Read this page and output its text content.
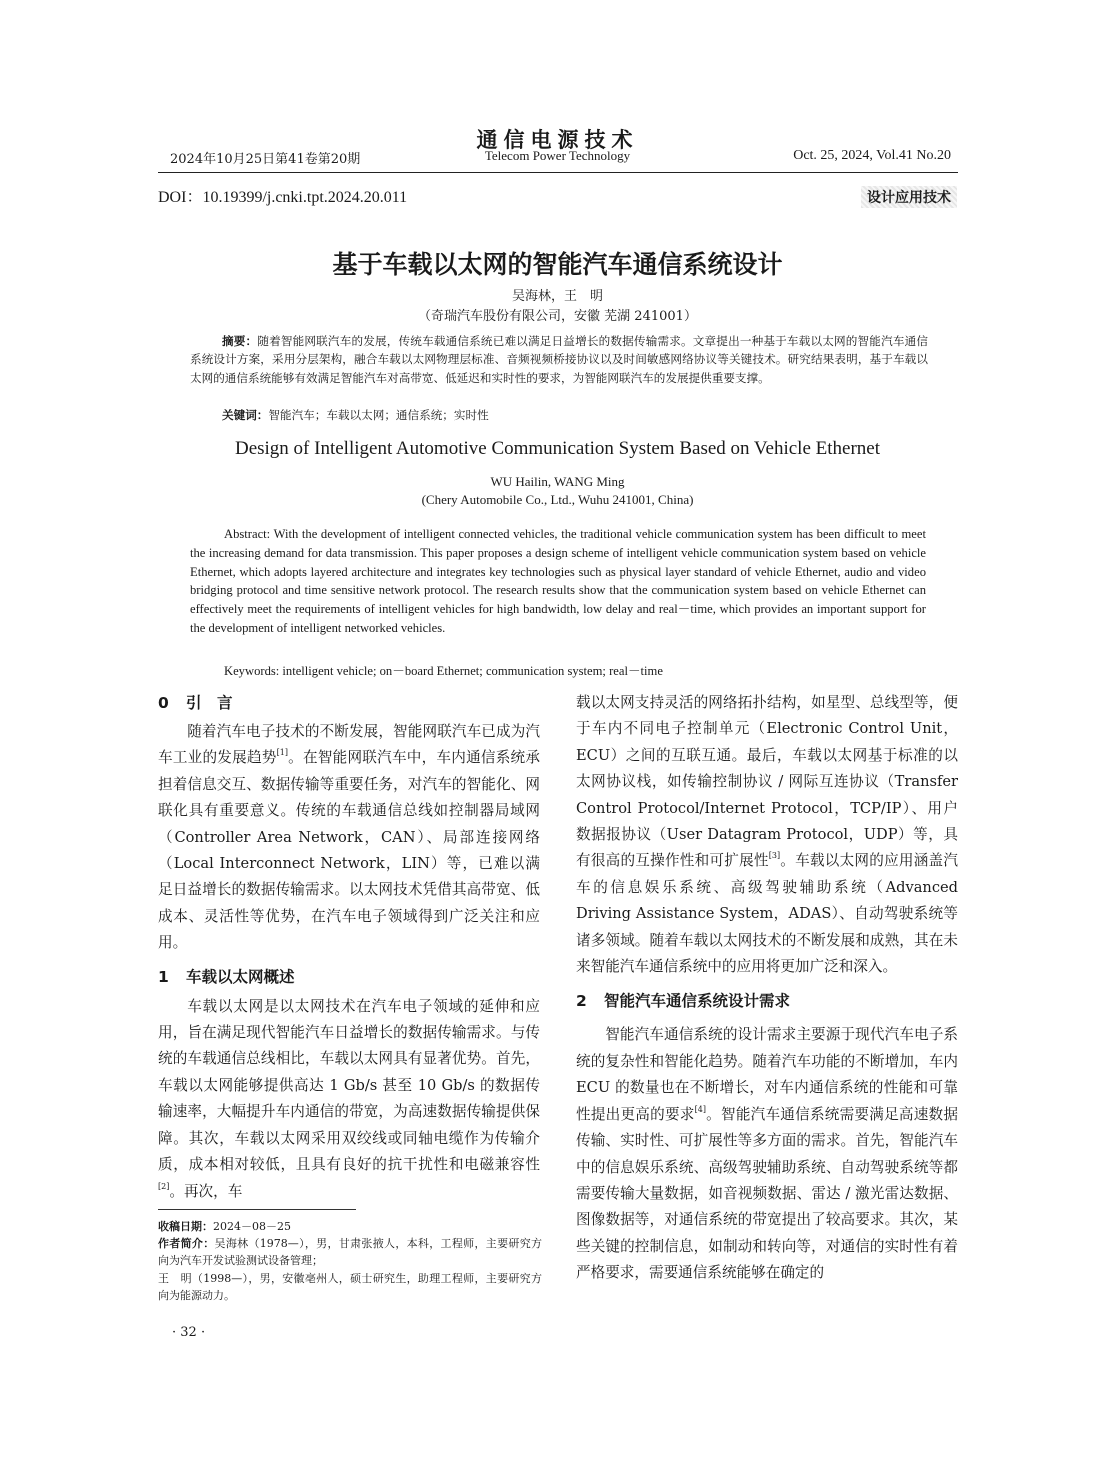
通信电源技术
2024年10月25日第41卷第20期	Telecom Power Technology	Oct. 25, 2024, Vol.41 No.20
DOI：10.19399/j.cnki.tpt.2024.20.011	设计应用技术
基于车载以太网的智能汽车通信系统设计
吴海林，王　明
（奇瑞汽车股份有限公司，安徽 芜湖 241001）
摘要：随着智能网联汽车的发展，传统车载通信系统已难以满足日益增长的数据传输需求。文章提出一种基于车载以太网的智能汽车通信系统设计方案，采用分层架构，融合车载以太网物理层标准、音频视频桥接协议以及时间敏感网络协议等关键技术。研究结果表明，基于车载以太网的通信系统能够有效满足智能汽车对高带宽、低延迟和实时性的要求，为智能网联汽车的发展提供重要支撑。
关键词：智能汽车；车载以太网；通信系统；实时性
Design of Intelligent Automotive Communication System Based on Vehicle Ethernet
WU Hailin, WANG Ming
(Chery Automobile Co., Ltd., Wuhu 241001, China)
Abstract: With the development of intelligent connected vehicles, the traditional vehicle communication system has been difficult to meet the increasing demand for data transmission. This paper proposes a design scheme of intelligent vehicle communication system based on vehicle Ethernet, which adopts layered architecture and integrates key technologies such as physical layer standard of vehicle Ethernet, audio and video bridging protocol and time sensitive network protocol. The research results show that the communication system based on vehicle Ethernet can effectively meet the requirements of intelligent vehicles for high bandwidth, low delay and real－time, which provides an important support for the development of intelligent networked vehicles.
Keywords: intelligent vehicle; on－board Ethernet; communication system; real－time
0 引　言

随着汽车电子技术的不断发展，智能网联汽车已成为汽车工业的发展趋势[1]。在智能网联汽车中，车内通信系统承担着信息交互、数据传输等重要任务，对汽车的智能化、网联化具有重要意义。传统的车载通信总线如控制器局域网（Controller Area Network，CAN）、局部连接网络（Local Interconnect Network，LIN）等，已难以满足日益增长的数据传输需求。以太网技术凭借其高带宽、低成本、灵活性等优势，在汽车电子领域得到广泛关注和应用。

1 车载以太网概述

车载以太网是以太网技术在汽车电子领域的延伸和应用，旨在满足现代智能汽车日益增长的数据传输需求。与传统的车载通信总线相比，车载以太网具有显著优势。首先，车载以太网能够提供高达 1 Gb/s 甚至 10 Gb/s 的数据传输速率，大幅提升车内通信的带宽，为高速数据传输提供保障。其次，车载以太网采用双绞线或同轴电缆作为传输介质，成本相对较低，且具有良好的抗干扰性和电磁兼容性[2]。再次，车

载以太网支持灵活的网络拓扑结构，如星型、总线型等，便于车内不同电子控制单元（Electronic Control Unit，ECU）之间的互联互通。最后，车载以太网基于标准的以太网协议栈，如传输控制协议 / 网际互连协议（Transfer Control Protocol/Internet Protocol，TCP/IP）、用户数据报协议（User Datagram Protocol，UDP）等，具有很高的互操作性和可扩展性[3]。车载以太网的应用涵盖汽车的信息娱乐系统、高级驾驶辅助系统（Advanced Driving Assistance System，ADAS）、自动驾驶系统等诸多领域。随着车载以太网技术的不断发展和成熟，其在未来智能汽车通信系统中的应用将更加广泛和深入。

2 智能汽车通信系统设计需求

智能汽车通信系统的设计需求主要源于现代汽车电子系统的复杂性和智能化趋势。随着汽车功能的不断增加，车内 ECU 的数量也在不断增长，对车内通信系统的性能和可靠性提出更高的要求[4]。智能汽车通信系统需要满足高速数据传输、实时性、可扩展性等多方面的需求。首先，智能汽车中的信息娱乐系统、高级驾驶辅助系统、自动驾驶系统等都需要传输大量数据，如音视频数据、雷达 / 激光雷达数据、图像数据等，对通信系统的带宽提出了较高要求。其次，某些关键的控制信息，如制动和转向等，对通信的实时性有着严格要求，需要通信系统能够在确定的

收稿日期：2024－08－25
作者简介：吴海林（1978—），男，甘肃张掖人，本科，工程师，主要研究方向为汽车开发试验测试设备管理；
王　明（1998—），男，安徽亳州人，硕士研究生，助理工程师，主要研究方向为能源动力。
· 32 ·
